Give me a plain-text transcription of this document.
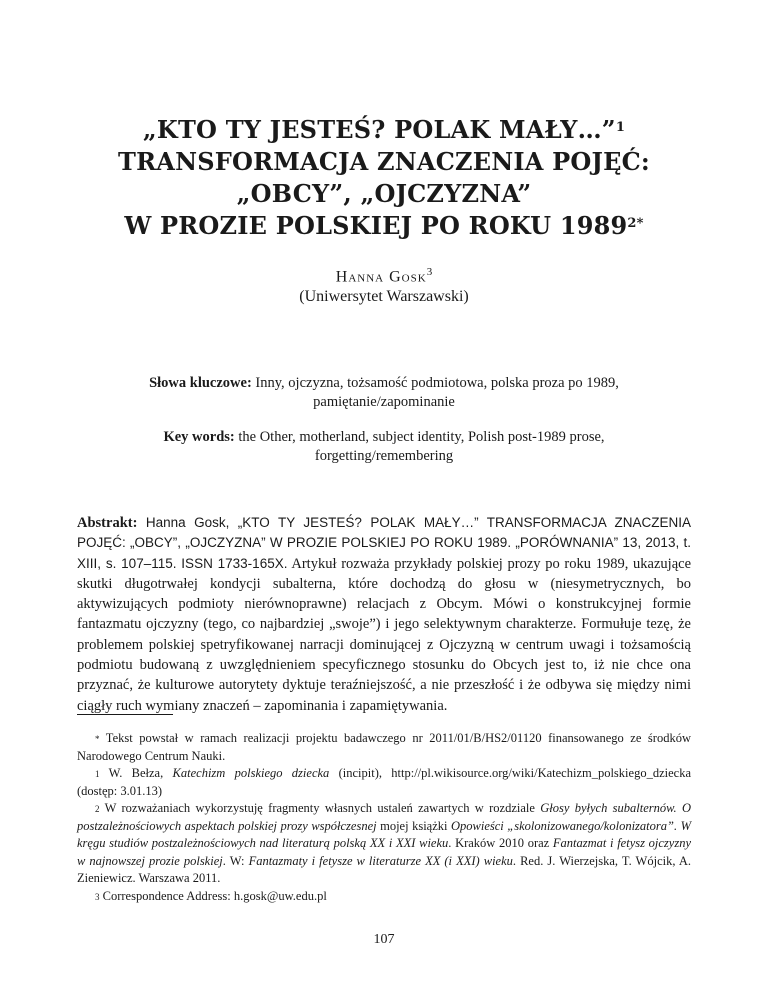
„KTO TY JESTEŚ? POLAK MAŁY…”$^1$
TRANSFORMACJA ZNACZENIA POJĘĆ:
„OBCY”, „OJCZYZNA”
W PROZIE POLSKIEJ PO ROKU $1989^{2*}$
Hanna Gosk$^3$
(Uniwersytet Warszawski)
Słowa kluczowe: Inny, ojczyzna, tożsamość podmiotowa, polska proza po 1989,
pamiętanie/zapominanie
Key words: the Other, motherland, subject identity, Polish post-1989 prose,
forgetting/remembering
Abstrakt: Hanna Gosk, „KTO TY JESTEŚ? POLAK MAŁY…” TRANSFORMACJA ZNACZENIA POJĘĆ: „OBCY”, „OJCZYZNA” W PROZIE POLSKIEJ PO ROKU 1989. „PORÓWNANIA” 13, 2013, t. XIII, s. 107–115. ISSN 1733-165X. Artykuł rozważa przykłady polskiej prozy po roku 1989, ukazujące skutki długotrwałej kondycji subalterna, które dochodzą do głosu w (niesymetrycznych, bo aktywizujących podmioty nierównoprawne) relacjach z Obcym. Mówi o konstrukcyjnej formie fantazmatu ojczyzny (tego, co najbardziej „swoje”) i jego selektywnym charakterze. Formułuje tezę, że problemem polskiej spetryfikowanej narracji dominującej z Ojczyzną w centrum uwagi i tożsamością podmiotu budowaną z uwzględnieniem specyficznego stosunku do Obcych jest to, iż nie chce ona przyznać, że kulturowe autorytety dyktuje teraźniejszość, a nie przeszłość i że odbywa się między nimi ciągły ruch wymiany znaczeń – zapominania i zapamiętywania.

* Tekst powstał w ramach realizacji projektu badawczego nr 2011/01/B/HS2/01120 finansowanego ze środków Narodowego Centrum Nauki.

$^1$ W. Bełza, Katechizm polskiego dziecka (incipit), http://pl.wikisource.org/wiki/Katechizm_polskiego_dziecka (dostęp: 3.01.13)

$^2$ W rozważaniach wykorzystuję fragmenty własnych ustaleń zawartych w rozdziale Głosy byłych subalternów. O postzależnościowych aspektach polskiej prozy współczesnej mojej książki Opowieści „skolonizowanego/kolonizatora”. W kręgu studiów postzależnościowych nad literaturą polską XX i XXI wieku. Kraków 2010 oraz Fantazmat i fetysz ojczyzny w najnowszej prozie polskiej. W: Fantazmaty i fetysze w literaturze XX (i XXI) wieku. Red. J. Wierzejska, T. Wójcik, A. Zieniewicz. Warszawa 2011.

$^3$ Correspondence Address: h.gosk@uw.edu.pl

107
